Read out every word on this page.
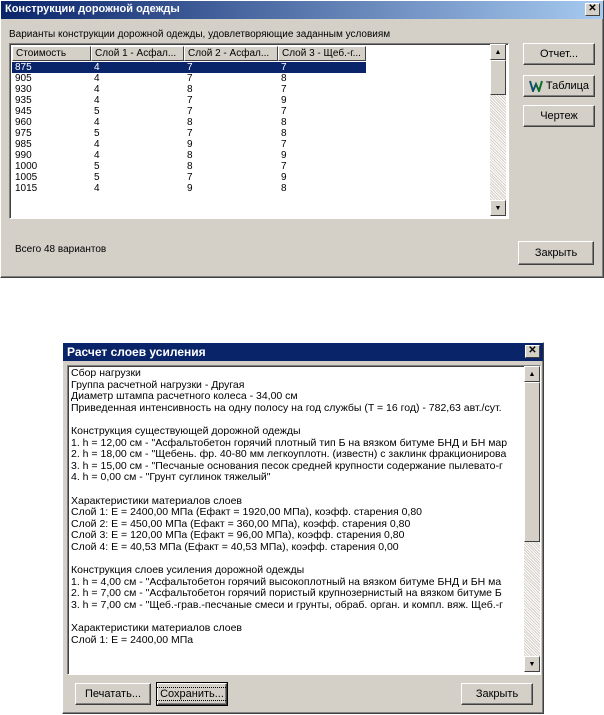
Конструкции дорожной одежды	✕
Варианты конструкции дорожной одежды, удовлетворяющие заданным условиям
Стоимость	Слой 1 - Асфал...	Слой 2 - Асфал...	Слой 3 - Щеб.-г...
875	4	7	7
905	4	7	8
930	4	8	7
935	4	7	9
945	5	7	7
960	4	8	8
975	5	7	8
985	4	9	7
990	4	8	9
1000	5	8	7
1005	5	7	9
1015	4	9	8
▲
▼
Отчет...
Таблица
Чертеж
Всего 48 вариантов	Закрыть
Расчет слоев усиления	✕
Сбор нагрузки
Группа расчетной нагрузки - Другая
Диаметр штампа расчетного колеса - 34,00 см
Приведенная интенсивность на одну полосу на год службы (T = 16 год) - 782,63 авт./сут.
Конструкция существующей дорожной одежды
1. h = 12,00 см - "Асфальтобетон горячий плотный тип Б на вязком битуме БНД и БН мар
2. h = 18,00 см - "Щебень. фр. 40-80 мм легкоуплотн. (известн) с заклинк фракционирова
3. h = 15,00 см - "Песчаные основания песок средней крупности содержание пылевато-г
4. h = 0,00 см - "Грунт суглинок тяжелый"
Характеристики материалов слоев
Слой 1: E = 2400,00 МПа (Eфакт = 1920,00 МПа), коэфф. старения 0,80
Слой 2: E = 450,00 МПа (Eфакт = 360,00 МПа), коэфф. старения 0,80
Слой 3: E = 120,00 МПа (Eфакт = 96,00 МПа), коэфф. старения 0,80
Слой 4: E = 40,53 МПа (Eфакт = 40,53 МПа), коэфф. старения 0,00
Конструкция слоев усиления дорожной одежды
1. h = 4,00 см - "Асфальтобетон горячий высокоплотный на вязком битуме БНД и БН ма
2. h = 7,00 см - "Асфальтобетон горячий пористый крупнозернистый на вязком битуме Б
3. h = 7,00 см - "Щеб.-грав.-песчаные смеси и грунты, обраб. орган. и компл. вяж. Щеб.-г
Характеристики материалов слоев
Слой 1: E = 2400,00 МПа
▲
▼
Печатать...	Сохранить...	Закрыть
